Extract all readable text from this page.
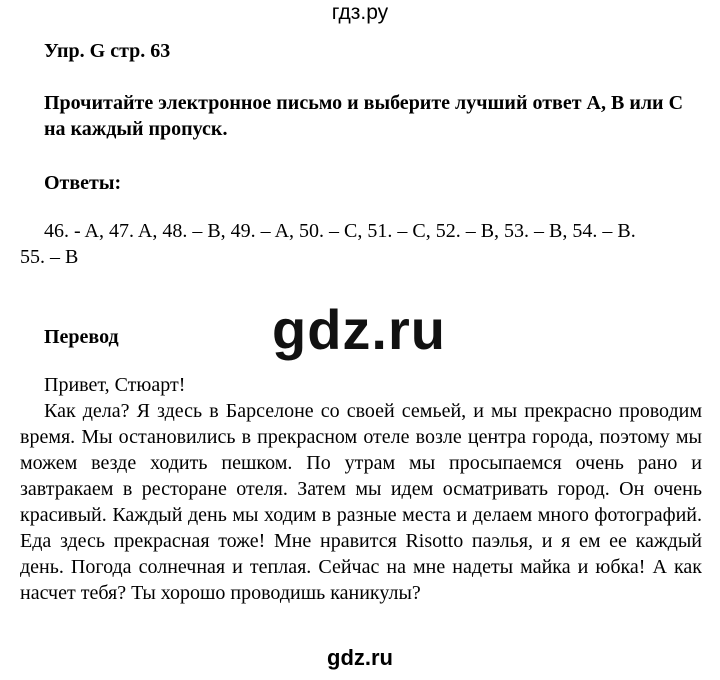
гдз.ру
Упр. G стр. 63
Прочитайте электронное письмо и выберите лучший ответ A, B или C на каждый пропуск.
Ответы:
46. - A, 47. A, 48. – B, 49. – A, 50. – C, 51. – C, 52. – B, 53. – B, 54. – B.
55. – B
Перевод	gdz.ru
Привет, Стюарт!
Как дела? Я здесь в Барселоне со своей семьей, и мы прекрасно проводим время. Мы остановились в прекрасном отеле возле центра города, поэтому мы можем везде ходить пешком. По утрам мы просыпаемся очень рано и завтракаем в ресторане отеля. Затем мы идем осматривать город. Он очень красивый. Каждый день мы ходим в разные места и делаем много фотографий. Еда здесь прекрасная тоже! Мне нравится Risotto паэлья, и я ем ее каждый день. Погода солнечная и теплая. Сейчас на мне надеты майка и юбка! А как насчет тебя? Ты хорошо проводишь каникулы?
gdz.ru
